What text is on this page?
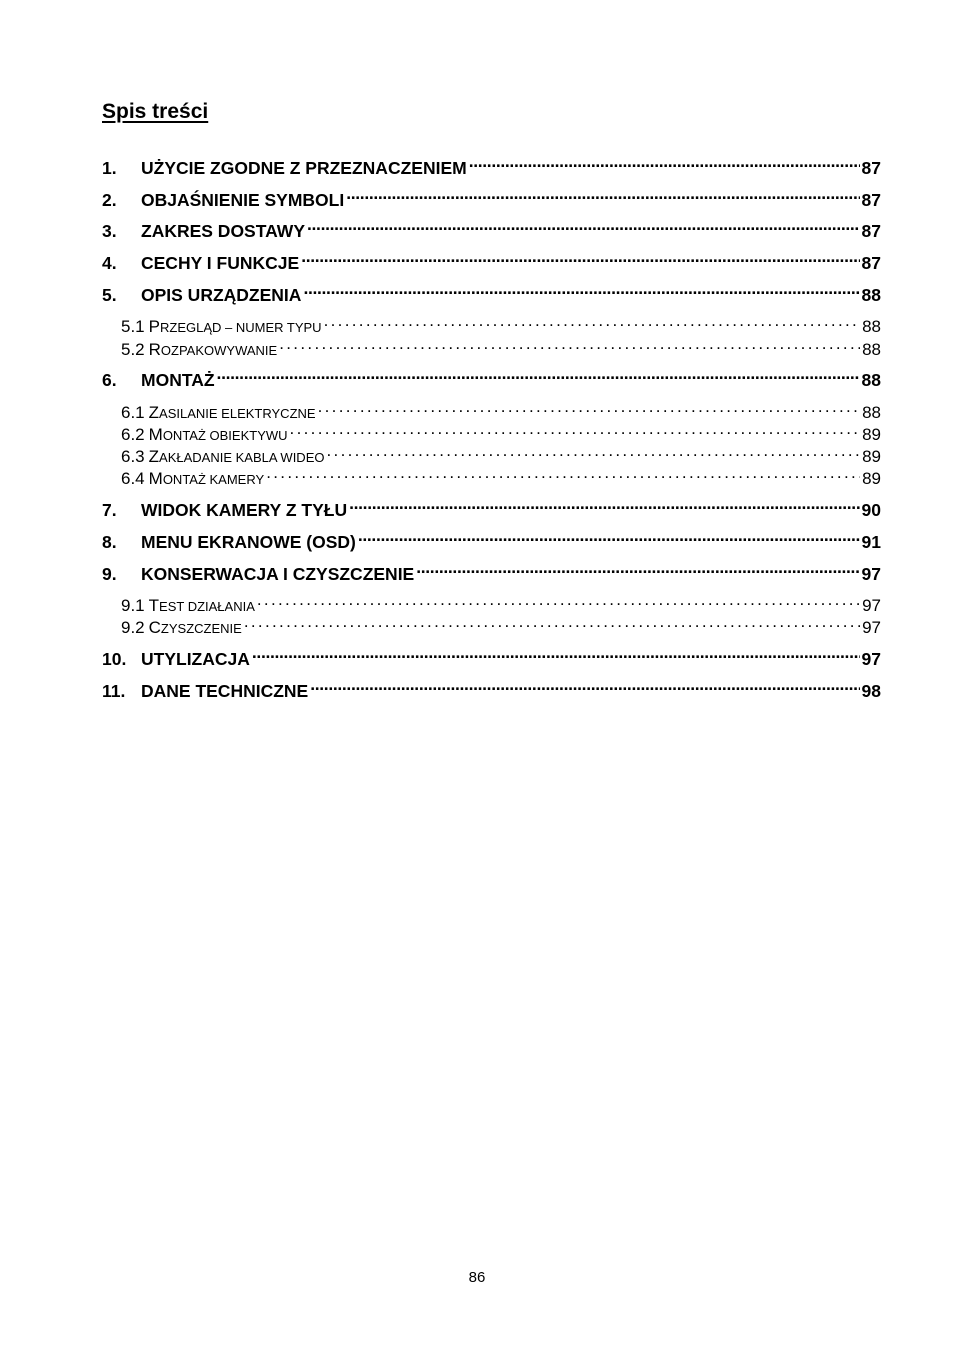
Spis treści
1.	UŻYCIE ZGODNE Z PRZEZNACZENIEM . . .	87
2.	OBJAŚNIENIE SYMBOLI . . .	87
3.	ZAKRES DOSTAWY . . .	87
4.	CECHY I FUNKCJE . . .	87
5.	OPIS URZĄDZENIA . . .	88
5.1 PRZEGLĄD – NUMER TYPU . . .	88
5.2 ROZPAKOWYWANIE . . .	88
6.	MONTAŻ . . .	88
6.1 ZASILANIE ELEKTRYCZNE . . .	88
6.2 MONTAŻ OBIEKTYWU . . .	89
6.3 ZAKŁADANIE KABLA WIDEO . . .	89
6.4 MONTAŻ KAMERY . . .	89
7.	WIDOK KAMERY Z TYŁU . . .	90
8.	MENU EKRANOWE (OSD) . . .	91
9.	KONSERWACJA I CZYSZCZENIE . . .	97
9.1 TEST DZIAŁANIA . . .	97
9.2 CZYSZCZENIE . . .	97
10. UTYLIZACJA . . .	97
11. DANE TECHNICZNE . . .	98
86
